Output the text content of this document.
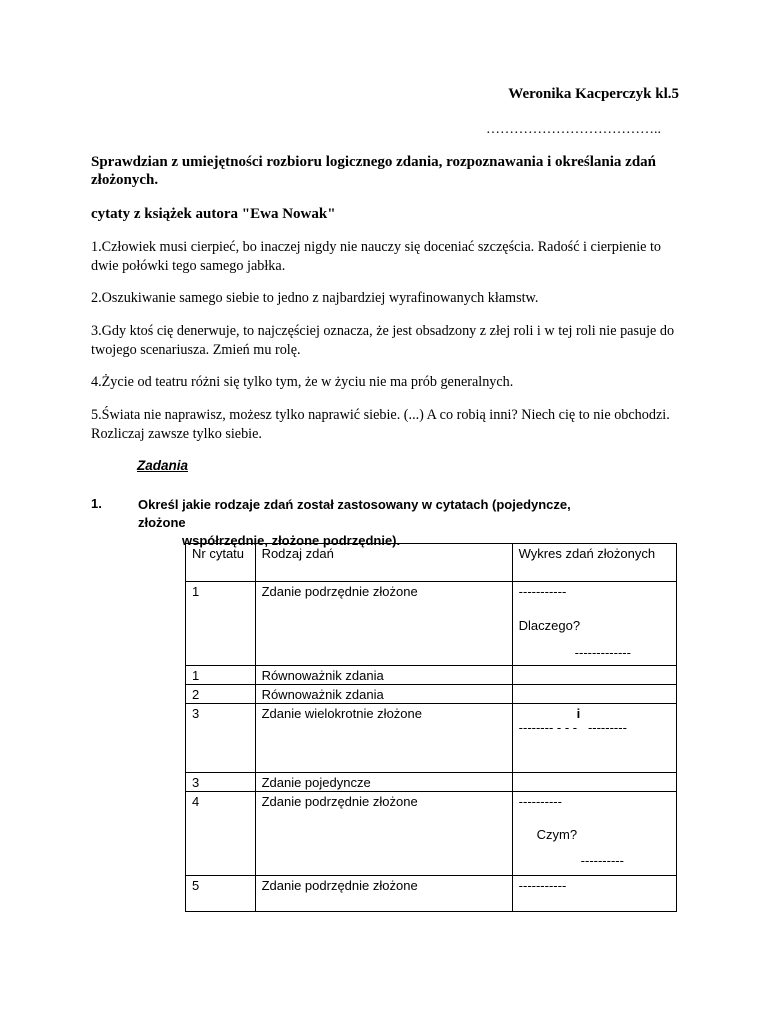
Weronika Kacperczyk kl.5
………………………………..
Sprawdzian z umiejętności rozbioru logicznego zdania, rozpoznawania i określania zdań złożonych.
cytaty z książek autora "Ewa Nowak"
1.Człowiek musi cierpieć, bo inaczej nigdy nie nauczy się doceniać szczęścia. Radość i cierpienie to dwie połówki tego samego jabłka.
2.Oszukiwanie samego siebie to jedno z najbardziej wyrafinowanych kłamstw.
3.Gdy ktoś cię denerwuje, to najczęściej oznacza, że jest obsadzony z złej roli i w tej roli nie pasuje do twojego scenariusza. Zmień mu rolę.
4.Życie od teatru różni się tylko tym, że w życiu nie ma prób generalnych.
5.Świata nie naprawisz, możesz tylko naprawić siebie. (...) A co robią inni? Niech cię to nie obchodzi. Rozliczaj zawsze tylko siebie.
Zadania
1.	Określ jakie rodzaje zdań został zastosowany w cytatach (pojedyncze, złożone
współrzędnie, złożone podrzędnie).
Nr cytatu	Rodzaj zdań	Wykres zdań złożonych
1	Zdanie podrzędnie złożone	-----------
Dlaczego?
-------------

1	Równoważnik zdania	
2	Równoważnik zdania	
3	Zdanie wielokrotnie złożone	i
-------- - - -   ---------

3	Zdanie pojedyncze	
4	Zdanie podrzędnie złożone	----------
Czym?
----------

5	Zdanie podrzędnie złożone	-----------
